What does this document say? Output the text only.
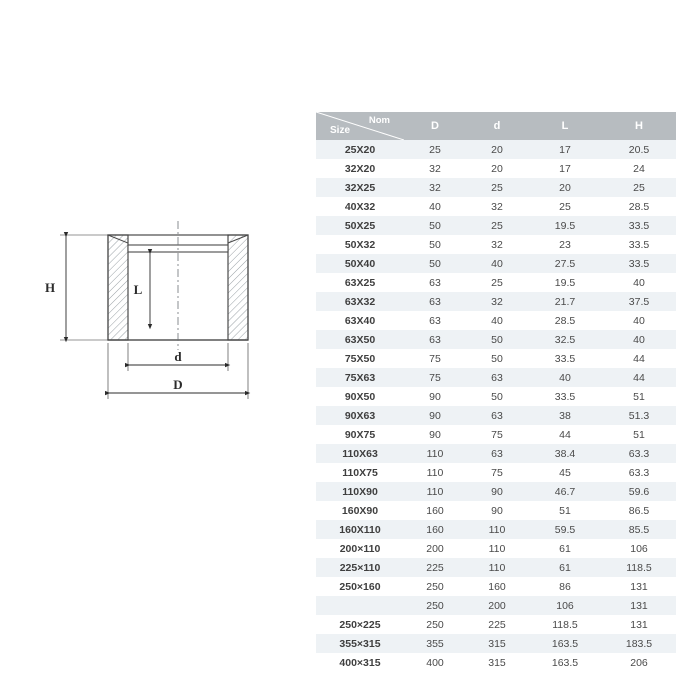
H	L
d
D
Nom
Size	D	d	L	H
25X20	25	20	17	20.5
32X20	32	20	17	24
32X25	32	25	20	25
40X32	40	32	25	28.5
50X25	50	25	19.5	33.5
50X32	50	32	23	33.5
50X40	50	40	27.5	33.5
63X25	63	25	19.5	40
63X32	63	32	21.7	37.5
63X40	63	40	28.5	40
63X50	63	50	32.5	40
75X50	75	50	33.5	44
75X63	75	63	40	44
90X50	90	50	33.5	51
90X63	90	63	38	51.3
90X75	90	75	44	51
110X63	110	63	38.4	63.3
110X75	110	75	45	63.3
110X90	110	90	46.7	59.6
160X90	160	90	51	86.5
160X110	160	110	59.5	85.5
200×110	200	110	61	106
225×110	225	110	61	118.5
250×160	250	160	86	131
	250	200	106	131
250×225	250	225	118.5	131
355×315	355	315	163.5	183.5
400×315	400	315	163.5	206
